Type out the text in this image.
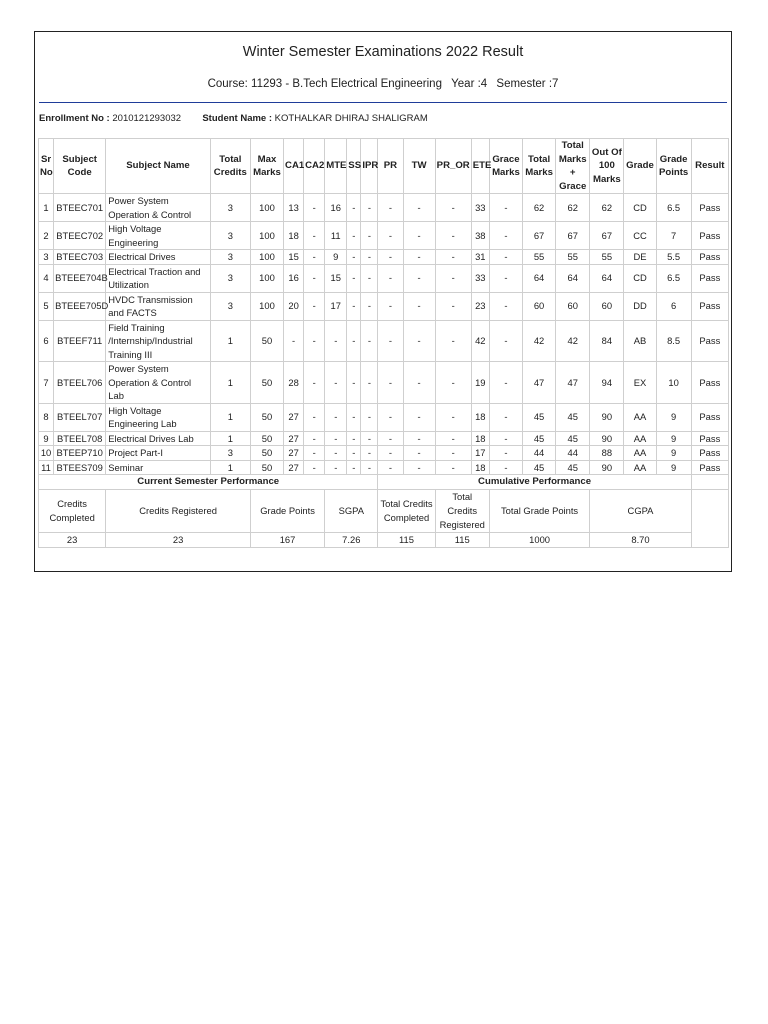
Winter Semester Examinations 2022 Result
Course: 11293 - B.Tech Electrical Engineering Year :4 Semester :7
Enrollment No : 2010121293032 Student Name : KOTHALKAR DHIRAJ SHALIGRAM
Sr No	Subject Code	Subject Name	Total Credits	Max Marks	CA1	CA2	MTE	SS	IPR	PR	TW	PR_OR	ETE	Grace Marks	Total Marks	Total Marks + Grace	Out Of 100 Marks	Grade	Grade Points	Result
1	BTEEC701	Power System Operation & Control	3	100	13	-	16	-	-	-	-	-	33	-	62	62	62	CD	6.5	Pass
2	BTEEC702	High Voltage Engineering	3	100	18	-	11	-	-	-	-	-	38	-	67	67	67	CC	7	Pass
3	BTEEC703	Electrical Drives	3	100	15	-	9	-	-	-	-	-	31	-	55	55	55	DE	5.5	Pass
4	BTEEE704B	Electrical Traction and Utilization	3	100	16	-	15	-	-	-	-	-	33	-	64	64	64	CD	6.5	Pass
5	BTEEE705D	HVDC Transmission and FACTS	3	100	20	-	17	-	-	-	-	-	23	-	60	60	60	DD	6	Pass
6	BTEEF711	Field Training /Internship/Industrial Training III	1	50	-	-	-	-	-	-	-	-	42	-	42	42	84	AB	8.5	Pass
7	BTEEL706	Power System Operation & Control Lab	1	50	28	-	-	-	-	-	-	-	19	-	47	47	94	EX	10	Pass
8	BTEEL707	High Voltage Engineering Lab	1	50	27	-	-	-	-	-	-	-	18	-	45	45	90	AA	9	Pass
9	BTEEL708	Electrical Drives Lab	1	50	27	-	-	-	-	-	-	-	18	-	45	45	90	AA	9	Pass
10	BTEEP710	Project Part-I	3	50	27	-	-	-	-	-	-	-	17	-	44	44	88	AA	9	Pass
11	BTEES709	Seminar	1	50	27	-	-	-	-	-	-	-	18	-	45	45	90	AA	9	Pass
Current Semester Performance										Cumulative Performance										
Credits Completed		Credits Registered		Grade Points			SGPA			Total Credits Completed		Total Credits Registered		Total Grade Points			CGPA			
23		23		167			7.26			115		115		1000			8.70			
